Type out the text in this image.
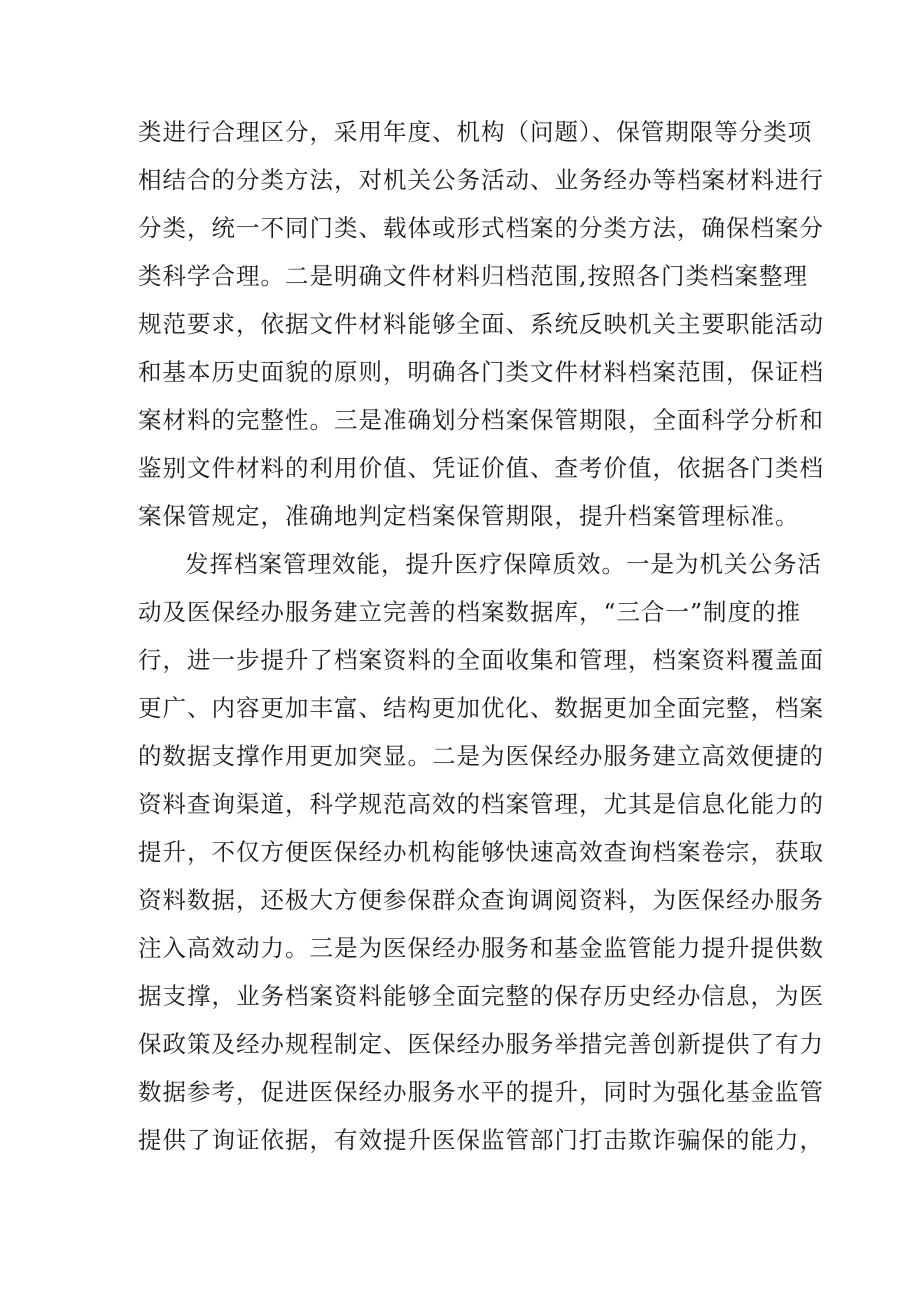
类进行合理区分，采用年度、机构（问题）、保管期限等分类项
相结合的分类方法，对机关公务活动、业务经办等档案材料进行
分类，统一不同门类、载体或形式档案的分类方法，确保档案分
类科学合理。二是明确文件材料归档范围,按照各门类档案整理
规范要求，依据文件材料能够全面、系统反映机关主要职能活动
和基本历史面貌的原则，明确各门类文件材料档案范围，保证档
案材料的完整性。三是准确划分档案保管期限，全面科学分析和
鉴别文件材料的利用价值、凭证价值、查考价值，依据各门类档
案保管规定，准确地判定档案保管期限，提升档案管理标准。
发挥档案管理效能，提升医疗保障质效。一是为机关公务活
动及医保经办服务建立完善的档案数据库，“三合一”制度的推
行，进一步提升了档案资料的全面收集和管理，档案资料覆盖面
更广、内容更加丰富、结构更加优化、数据更加全面完整，档案
的数据支撑作用更加突显。二是为医保经办服务建立高效便捷的
资料查询渠道，科学规范高效的档案管理，尤其是信息化能力的
提升，不仅方便医保经办机构能够快速高效查询档案卷宗，获取
资料数据，还极大方便参保群众查询调阅资料，为医保经办服务
注入高效动力。三是为医保经办服务和基金监管能力提升提供数
据支撑，业务档案资料能够全面完整的保存历史经办信息，为医
保政策及经办规程制定、医保经办服务举措完善创新提供了有力
数据参考，促进医保经办服务水平的提升，同时为强化基金监管
提供了询证依据，有效提升医保监管部门打击欺诈骗保的能力，
